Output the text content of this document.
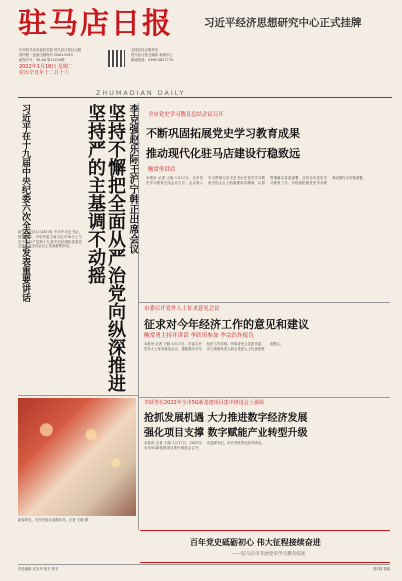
驻马店日报	习近平经济思想研究中心正式挂牌
中共驻马店市委机关报 驻马店日报社出版
国内统一连续出版物号 CN41-0015
邮发代号：35-48 第13216期
2022年1月18日 星期二
农历辛丑年十二月十六
全国百佳出版单位
驻马店日报全媒体 新闻中心
新闻热线：0396-3827770
ZHUMADIAN DAILY
坚持不懈把全面从严治党向纵深推进
坚持严的主基调不动摇 李克强赵乐际王沪宁韩正出席会议
习近平在十九届中央纪委六次全会上发表重要讲话
新华社北京1月18日电 中共中央总书记、国家主席、中央军委主席习近平18日上午在中国共产党第十九届中央纪律检查委员会第六次全体会议上发表重要讲话。
全市党史学习教育总结会议召开
不断巩固拓展党史学习教育成果
推动现代化驻马店建设行稳致远
鲍常勇讲话
本报讯 记者 王晓 1月17日，全市党史学习教育总结会议召开。会议深入学习贯彻习近平总书记在党史学习教育总结大会上的重要讲话精神，认真贯彻落实省委部署，总结全市党史学习教育工作，对巩固拓展党史学习教育成果作出安排部署。
市委召开党外人士征求意见会议
征求对今年经济工作的意见和建议
鲍常勇主持并讲话 李跃男参加 李宗浩作报告
本报讯 记者 王晓 1月17日，市委召开党外人士征求意见会议，通报我市今年经济工作安排，听取各民主党派市委、市工商联负责人和无党派人士代表的意见建议。
李跃男在2022年全市5G新基建项目集中推进会上强调
抢抓发展机遇 大力推进数字经济发展
强化项目支撑 数字赋能产业转型升级
本报讯 记者 王晓 1月17日，2022年全市5G新基建项目集中推进会召开，市委副书记、市长李跃男出席并讲话。
新春将至，市民在街头选购年货。记者 王晓 摄
百年党史砥砺初心 伟大征程接续奋进
——驻马店市开展党史学习教育综述
责任编辑 邓玉华 校对 张平	第1版 要闻
